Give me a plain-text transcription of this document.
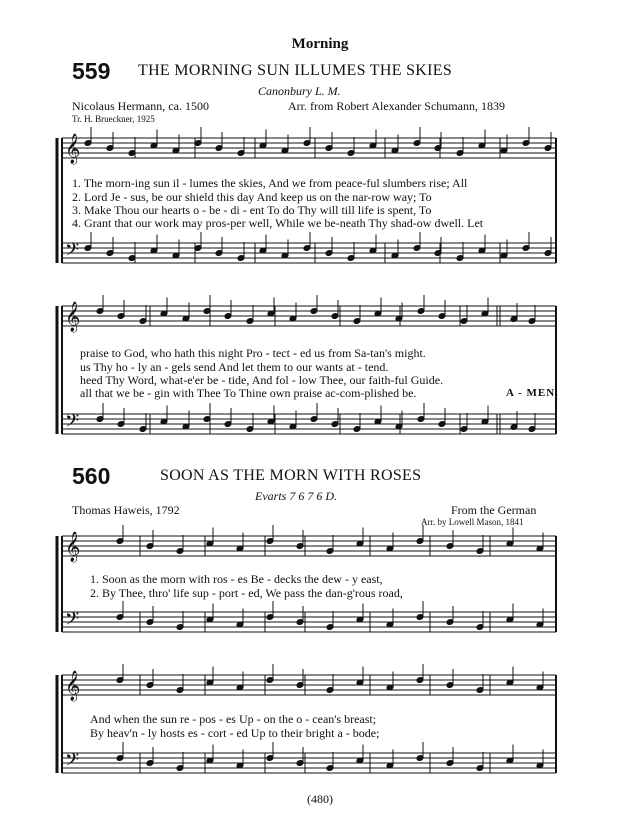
Morning
559 THE MORNING SUN ILLUMES THE SKIES
Canonbury L. M.
Nicolaus Hermann, ca. 1500	Arr. from Robert Alexander Schumann, 1839
Tr. H. Brueckner, 1925
1. The morn-ing sun il - lumes the skies, And we from peace-ful slumbers rise; All
2. Lord Je - sus, be our shield this day And keep us on the nar-row way; To
3. Make Thou our hearts o - be - di - ent To do Thy will till life is spent, To
4. Grant that our work may pros-per well, While we be-neath Thy shad-ow dwell. Let
praise to God, who hath this night Pro - tect - ed us from Sa-tan's might.
us Thy ho - ly an - gels send And let them to our wants at - tend.
heed Thy Word, what-e'er be - tide, And fol - low Thee, our faith-ful Guide.
all that we be - gin with Thee To Thine own praise ac-com-plished be.	A - MEN.
560	SOON AS THE MORN WITH ROSES
Evarts 7 6 7 6 D.
Thomas Haweis, 1792	From the German
Arr. by Lowell Mason, 1841
1. Soon as the morn with ros - es Be - decks the dew - y east,
2. By Thee, thro' life sup - port - ed, We pass the dan-g'rous road,
And when the sun re - pos - es Up - on the o - cean's breast;
By heav'n - ly hosts es - cort - ed Up to their bright a - bode;
(480)
𝄞
𝄢
𝄞
𝄢
𝄞
𝄢
𝄞
𝄢
